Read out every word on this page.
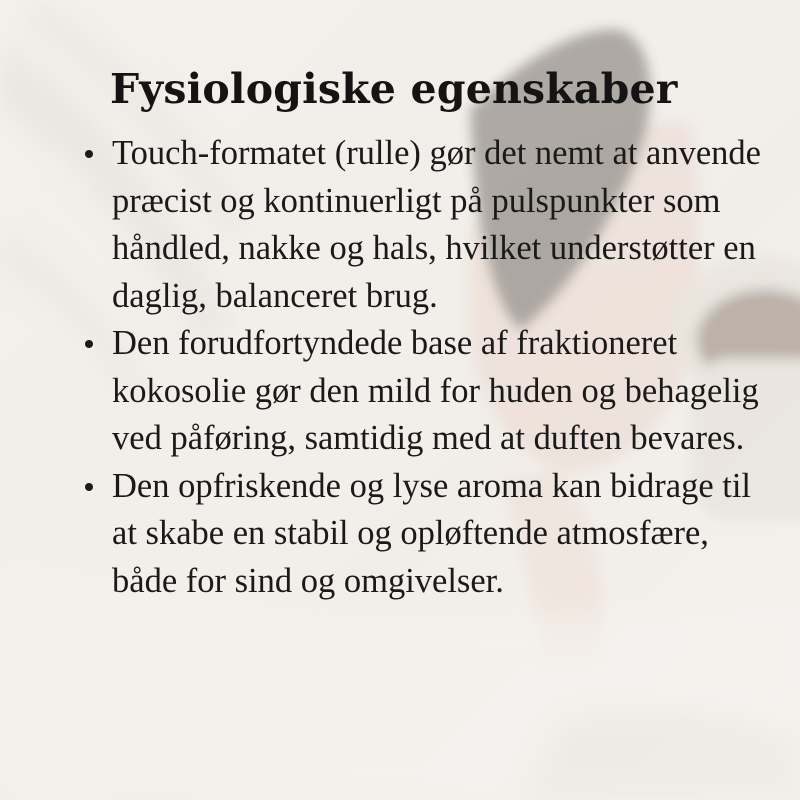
Fysiologiske egenskaber
Touch-formatet (rulle) gør det nemt at anvende præcist og kontinuerligt på pulspunkter som håndled, nakke og hals, hvilket understøtter en daglig, balanceret brug.
Den forudfortyndede base af fraktioneret kokosolie gør den mild for huden og behagelig ved påføring, samtidig med at duften bevares.
Den opfriskende og lyse aroma kan bidrage til at skabe en stabil og opløftende atmosfære, både for sind og omgivelser.
